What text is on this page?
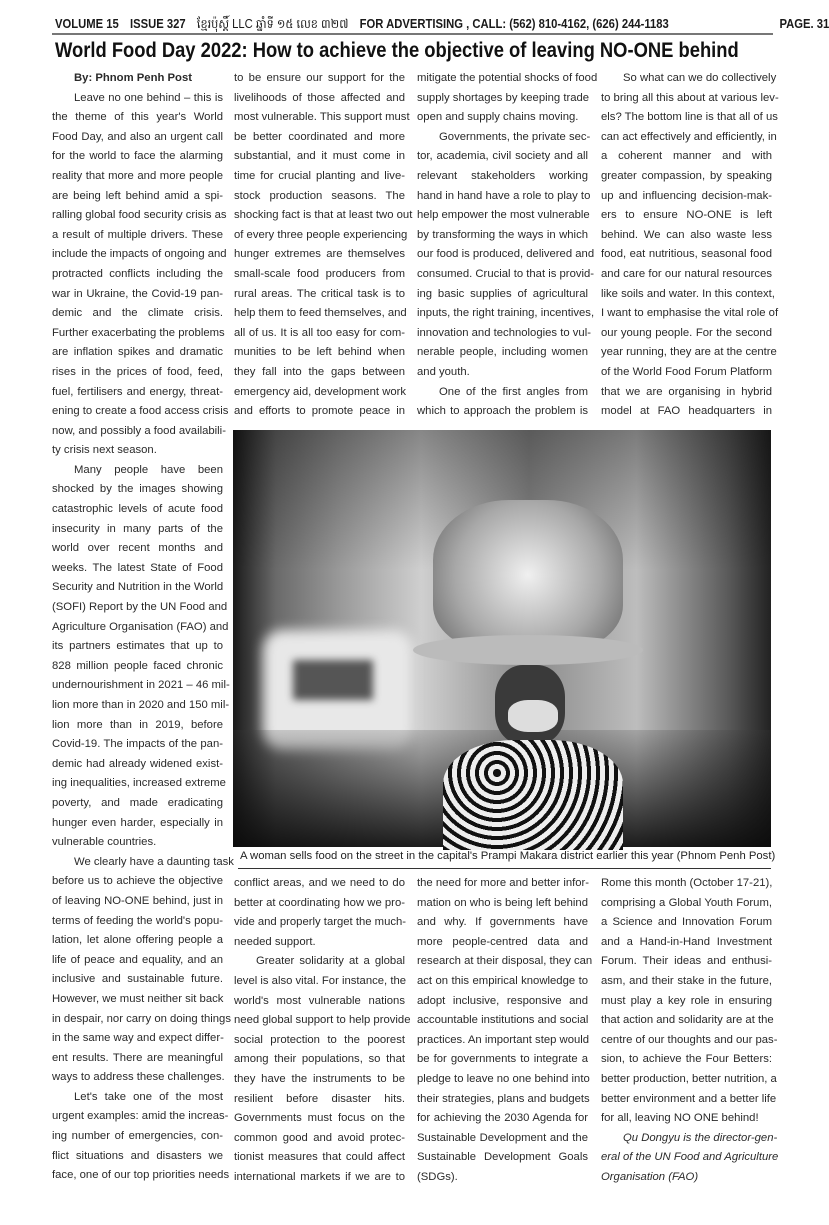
VOLUME 15 ISSUE 327 ខ្មែរប៉ុស្តិ៍ LLC ឆ្នាំទី ១៥ លេខ ៣២៧ FOR ADVERTISING , CALL: (562) 810-4162, (626) 244-1183	PAGE. 31
World Food Day 2022: How to achieve the objective of leaving NO-ONE behind
By: Phnom Penh Post
Leave no one behind – this is
the theme of this year's World
Food Day, and also an urgent call
for the world to face the alarming
reality that more and more people
are being left behind amid a spi-
ralling global food security crisis as
a result of multiple drivers. These
include the impacts of ongoing and
protracted conflicts including the
war in Ukraine, the Covid-19 pan-
demic and the climate crisis.
Further exacerbating the problems
are inflation spikes and dramatic
rises in the prices of food, feed,
fuel, fertilisers and energy, threat-
ening to create a food access crisis
now, and possibly a food availabili-
ty crisis next season.
Many people have been
shocked by the images showing
catastrophic levels of acute food
insecurity in many parts of the
world over recent months and
weeks. The latest State of Food
Security and Nutrition in the World
(SOFI) Report by the UN Food and
Agriculture Organisation (FAO) and
its partners estimates that up to
828 million people faced chronic
undernourishment in 2021 – 46 mil-
lion more than in 2020 and 150 mil-
lion more than in 2019, before
Covid-19. The impacts of the pan-
demic had already widened exist-
ing inequalities, increased extreme
poverty, and made eradicating
hunger even harder, especially in
vulnerable countries.
We clearly have a daunting task
before us to achieve the objective
of leaving NO-ONE behind, just in
terms of feeding the world's popu-
lation, let alone offering people a
life of peace and equality, and an
inclusive and sustainable future.
However, we must neither sit back
in despair, nor carry on doing things
in the same way and expect differ-
ent results. There are meaningful
ways to address these challenges.
Let's take one of the most
urgent examples: amid the increas-
ing number of emergencies, con-
flict situations and disasters we
face, one of our top priorities needs
to be ensure our support for the
livelihoods of those affected and
most vulnerable. This support must
be better coordinated and more
substantial, and it must come in
time for crucial planting and live-
stock production seasons. The
shocking fact is that at least two out
of every three people experiencing
hunger extremes are themselves
small-scale food producers from
rural areas. The critical task is to
help them to feed themselves, and
all of us. It is all too easy for com-
munities to be left behind when
they fall into the gaps between
emergency aid, development work
and efforts to promote peace in
mitigate the potential shocks of food
supply shortages by keeping trade
open and supply chains moving.
Governments, the private sec-
tor, academia, civil society and all
relevant stakeholders working
hand in hand have a role to play to
help empower the most vulnerable
by transforming the ways in which
our food is produced, delivered and
consumed. Crucial to that is provid-
ing basic supplies of agricultural
inputs, the right training, incentives,
innovation and technologies to vul-
nerable people, including women
and youth.
One of the first angles from
which to approach the problem is
So what can we do collectively
to bring all this about at various lev-
els? The bottom line is that all of us
can act effectively and efficiently, in
a coherent manner and with
greater compassion, by speaking
up and influencing decision-mak-
ers to ensure NO-ONE is left
behind. We can also waste less
food, eat nutritious, seasonal food
and care for our natural resources
like soils and water. In this context,
I want to emphasise the vital role of
our young people. For the second
year running, they are at the centre
of the World Food Forum Platform
that we are organising in hybrid
model at FAO headquarters in
A woman sells food on the street in the capital's Prampi Makara district earlier this year (Phnom Penh Post)
conflict areas, and we need to do
better at coordinating how we pro-
vide and properly target the much-
needed support.
Greater solidarity at a global
level is also vital. For instance, the
world's most vulnerable nations
need global support to help provide
social protection to the poorest
among their populations, so that
they have the instruments to be
resilient before disaster hits.
Governments must focus on the
common good and avoid protec-
tionist measures that could affect
international markets if we are to
the need for more and better infor-
mation on who is being left behind
and why. If governments have
more people-centred data and
research at their disposal, they can
act on this empirical knowledge to
adopt inclusive, responsive and
accountable institutions and social
practices. An important step would
be for governments to integrate a
pledge to leave no one behind into
their strategies, plans and budgets
for achieving the 2030 Agenda for
Sustainable Development and the
Sustainable Development Goals
(SDGs).
Rome this month (October 17-21),
comprising a Global Youth Forum,
a Science and Innovation Forum
and a Hand-in-Hand Investment
Forum. Their ideas and enthusi-
asm, and their stake in the future,
must play a key role in ensuring
that action and solidarity are at the
centre of our thoughts and our pas-
sion, to achieve the Four Betters:
better production, better nutrition, a
better environment and a better life
for all, leaving NO ONE behind!
Qu Dongyu is the director-gen-
eral of the UN Food and Agriculture
Organisation (FAO)
